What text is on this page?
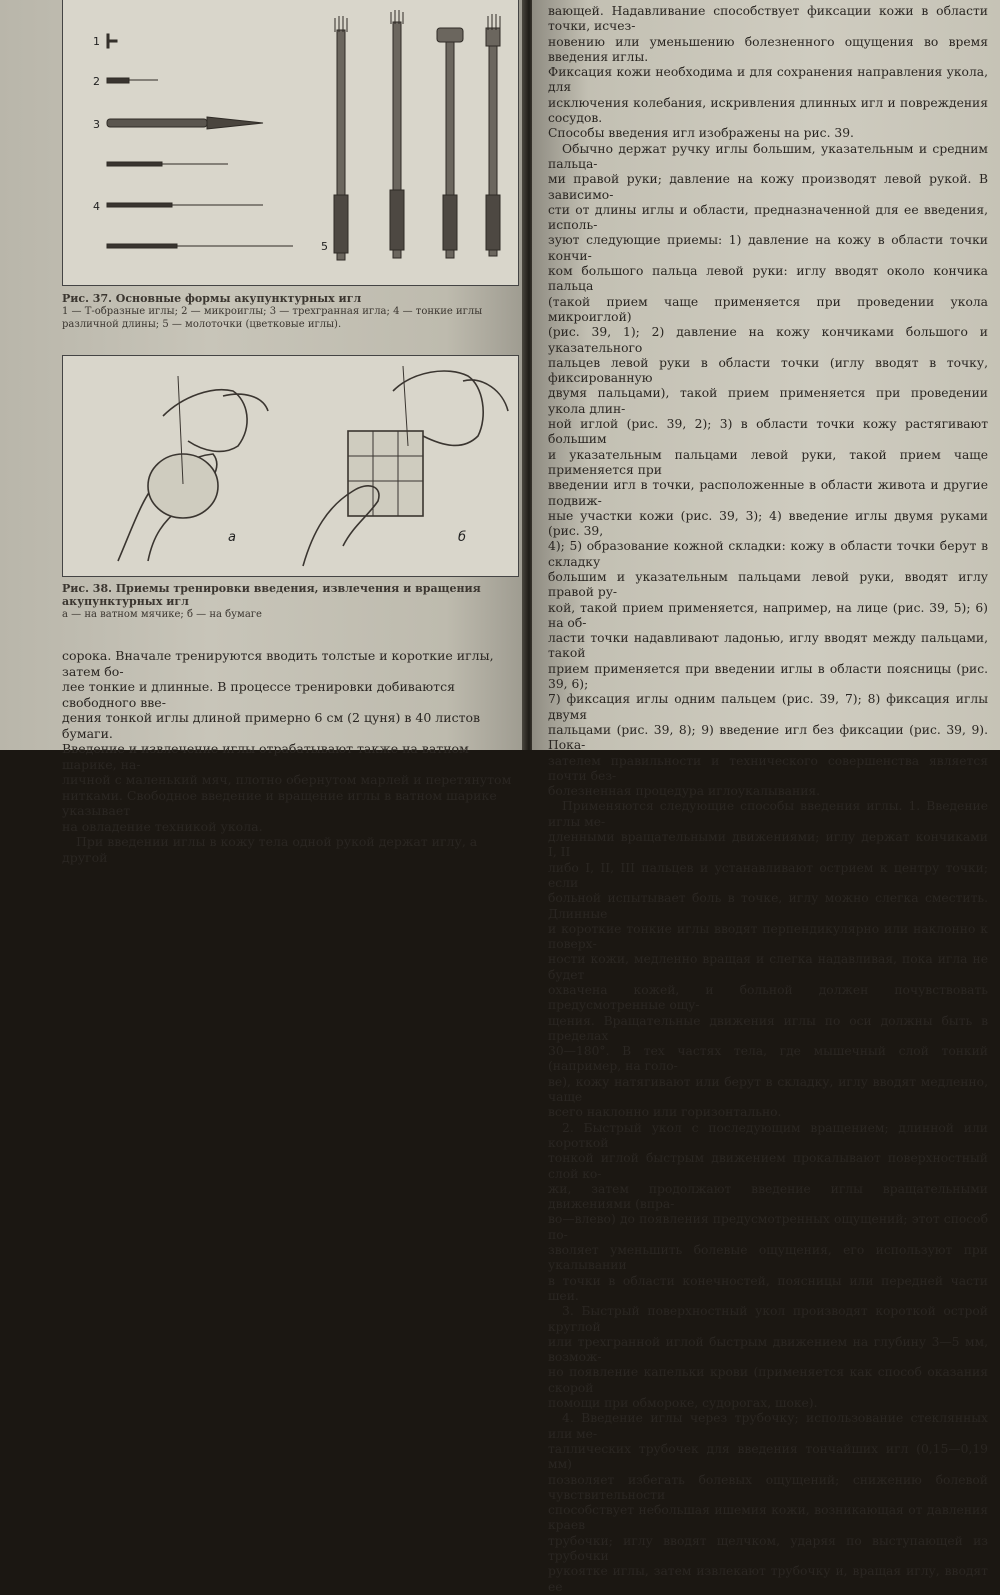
1
2
3
4
5
Рис. 37. Основные формы акупунктурных игл
1 — Т-образные иглы; 2 — микроиглы; 3 — трехгранная игла; 4 — тонкие иглы различной длины; 5 — молоточки (цветковые иглы).
а	б
Рис. 38. Приемы тренировки введения, извлечения и вращения акупунктурных игл
а — на ватном мячике; б — на бумаге

сорока. Вначале тренируются вводить толстые и короткие иглы, затем бо-

лее тонкие и длинные. В процессе тренировки добиваются свободного вве-

дения тонкой иглы длиной примерно 6 см (2 цуня) в 40 листов бумаги.

Введение и извлечение иглы отрабатывают также на ватном шарике, на-

личной с маленький мяч, плотно обернутом марлей и перетянутом

нитками. Свободное введение и вращение иглы в ватном шарике указывает

на овладение техникой укола.

При введении иглы в кожу тела одной рукой держат иглу, а другой

вающей. Надавливание способствует фиксации кожи в области точки, исчез-

новению или уменьшению болезненного ощущения во время введения иглы.

Фиксация кожи необходима и для сохранения направления укола, для

исключения колебания, искривления длинных игл и повреждения сосудов.

Способы введения игл изображены на рис. 39.

Обычно держат ручку иглы большим, указательным и средним пальца-

ми правой руки; давление на кожу производят левой рукой. В зависимо-

сти от длины иглы и области, предназначенной для ее введения, исполь-

зуют следующие приемы: 1) давление на кожу в области точки кончи-

ком большого пальца левой руки: иглу вводят около кончика пальца

(такой прием чаще применяется при проведении укола микроиглой)

(рис. 39, 1); 2) давление на кожу кончиками большого и указательного

пальцев левой руки в области точки (иглу вводят в точку, фиксированную

двумя пальцами), такой прием применяется при проведении укола длин-

ной иглой (рис. 39, 2); 3) в области точки кожу растягивают большим

и указательным пальцами левой руки, такой прием чаще применяется при

введении игл в точки, расположенные в области живота и другие подвиж-

ные участки кожи (рис. 39, 3); 4) введение иглы двумя руками (рис. 39,

4); 5) образование кожной складки: кожу в области точки берут в складку

большим и указательным пальцами левой руки, вводят иглу правой ру-

кой, такой прием применяется, например, на лице (рис. 39, 5); 6) на об-

ласти точки надавливают ладонью, иглу вводят между пальцами, такой

прием применяется при введении иглы в области поясницы (рис. 39, 6);

7) фиксация иглы одним пальцем (рис. 39, 7); 8) фиксация иглы двумя

пальцами (рис. 39, 8); 9) введение игл без фиксации (рис. 39, 9). Пока-

зателем правильности и технического совершенства является почти без-

болезненная процедура иглоукалывания.

Применяются следующие способы введения иглы. 1. Введение иглы ме-

дленными вращательными движениями; иглу держат кончиками I, II

либо I, II, III пальцев и устанавливают острием к центру точки; если

больной испытывает боль в точке, иглу можно слегка сместить. Длинные

и короткие тонкие иглы вводят перпендикулярно или наклонно к поверх-

ности кожи, медленно вращая и слегка надавливая, пока игла не будет

охвачена кожей, и больной должен почувствовать предусмотренные ощу-

щения. Вращательные движения иглы по оси должны быть в пределах

30—180°. В тех частях тела, где мышечный слой тонкий (например, на голо-

ве), кожу натягивают или берут в складку, иглу вводят медленно, чаще

всего наклонно или горизонтально.

2. Быстрый укол с последующим вращением; длинной или короткой

тонкой иглой быстрым движением прокалывают поверхностный слой ко-

жи, затем продолжают введение иглы вращательными движениями (впра-

во—влево) до появления предусмотренных ощущений; этот способ по-

зволяет уменьшить болевые ощущения, его используют при укалывании

в точки в области конечностей, поясницы или передней части шеи.

3. Быстрый поверхностный укол производят короткой острой круглой

или трехгранной иглой быстрым движением на глубину 3—5 мм, возмож-

но появление капельки крови (применяется как способ оказания скорой

помощи при обмороке, судорогах, шоке).

4. Введение иглы через трубочку; использование стеклянных или ме-

таллических трубочек для введения тончайших игл (0,15—0,19 мм)

позволяет избегать болевых ощущений; снижению болевой чувствительности

способствует небольшая ишемия кожи, возникающая от давления краев

трубочки; иглу вводят щелчком, ударяя по выступающей из трубочки

рукоятке иглы, затем извлекают трубочку и, вращая иглу, вводят ее
